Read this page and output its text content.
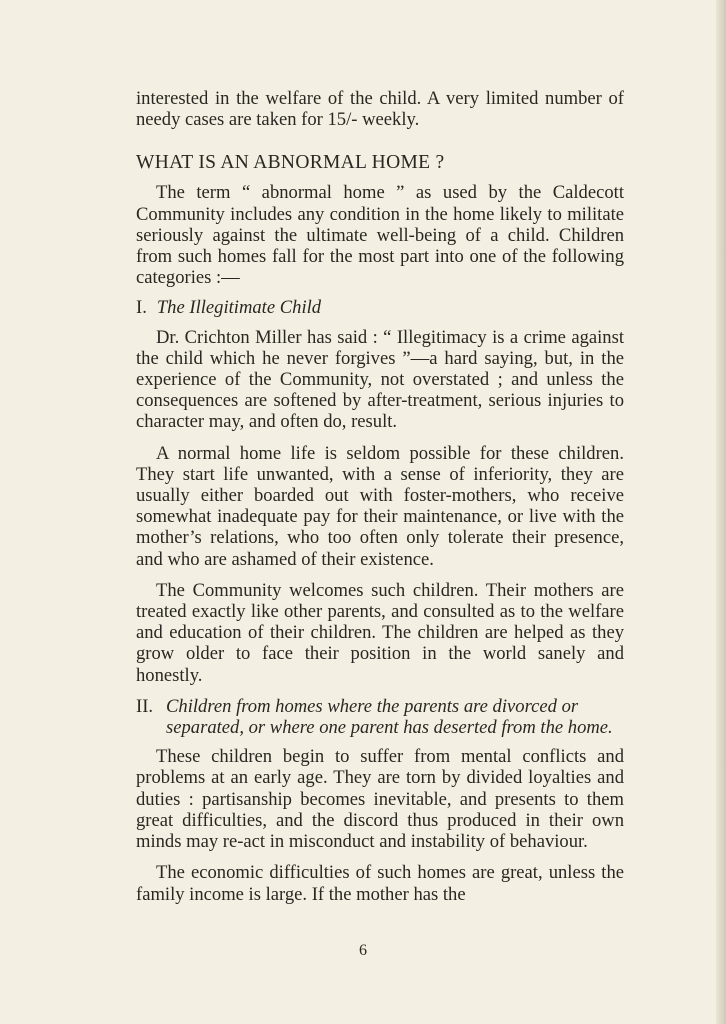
interested in the welfare of the child. A very limited number of needy cases are taken for 15/- weekly.

WHAT IS AN ABNORMAL HOME ?

The term “ abnormal home ” as used by the Caldecott Community includes any condition in the home likely to militate seriously against the ultimate well-being of a child. Children from such homes fall for the most part into one of the following categories :—

I. The Illegitimate Child

Dr. Crichton Miller has said : “ Illegitimacy is a crime against the child which he never forgives ”—a hard saying, but, in the experience of the Community, not overstated ; and unless the consequences are softened by after-treatment, serious injuries to character may, and often do, result.

A normal home life is seldom possible for these children. They start life unwanted, with a sense of inferiority, they are usually either boarded out with foster-mothers, who receive somewhat inadequate pay for their maintenance, or live with the mother’s relations, who too often only tolerate their presence, and who are ashamed of their existence.

The Community welcomes such children. Their mothers are treated exactly like other parents, and consulted as to the welfare and education of their children. The children are helped as they grow older to face their position in the world sanely and honestly.

II. Children from homes where the parents are divorced or separated, or where one parent has deserted from the home.

These children begin to suffer from mental conflicts and problems at an early age. They are torn by divided loyalties and duties : partisanship becomes inevitable, and presents to them great difficulties, and the discord thus produced in their own minds may re-act in misconduct and instability of behaviour.

The economic difficulties of such homes are great, unless the family income is large. If the mother has the

6
